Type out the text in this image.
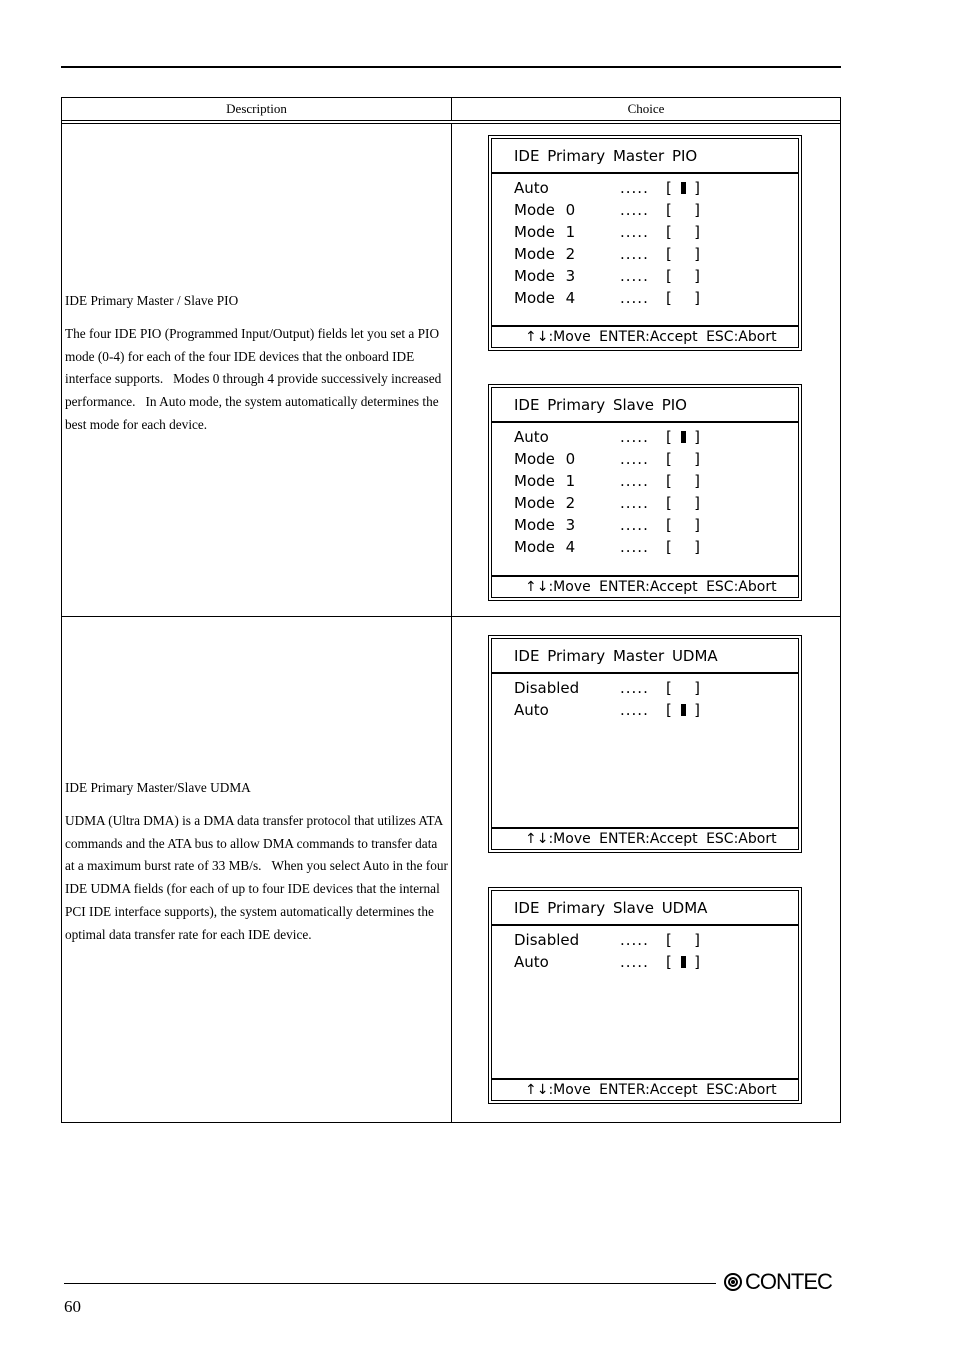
Description	Choice
IDE Primary Master / Slave PIO
The four IDE PIO (Programmed Input/Output) fields let you set a PIO mode (0-4) for each of the four IDE devices that the onboard IDE interface supports.   Modes 0 through 4 provide successively increased performance.   In Auto mode, the system automatically determines the best mode for each device.
IDE Primary Master PIO
Auto	.....	[ ]
Mode 0	.....	[ ]
Mode 1	.....	[ ]
Mode 2	.....	[ ]
Mode 3	.....	[ ]
Mode 4	.....	[ ]
↑↓:Move ENTER:Accept ESC:Abort
IDE Primary Slave PIO
Auto	.....	[ ]
Mode 0	.....	[ ]
Mode 1	.....	[ ]
Mode 2	.....	[ ]
Mode 3	.....	[ ]
Mode 4	.....	[ ]
↑↓:Move ENTER:Accept ESC:Abort
IDE Primary Master/Slave UDMA
UDMA (Ultra DMA) is a DMA data transfer protocol that utilizes ATA commands and the ATA bus to allow DMA commands to transfer data at a maximum burst rate of 33 MB/s.   When you select Auto in the four IDE UDMA fields (for each of up to four IDE devices that the internal PCI IDE interface supports), the system automatically determines the optimal data transfer rate for each IDE device.
IDE Primary Master UDMA
Disabled	.....	[ ]
Auto	.....	[ ]
↑↓:Move ENTER:Accept ESC:Abort
IDE Primary Slave UDMA
Disabled	.....	[ ]
Auto	.....	[ ]
↑↓:Move ENTER:Accept ESC:Abort
60
CONTEC
